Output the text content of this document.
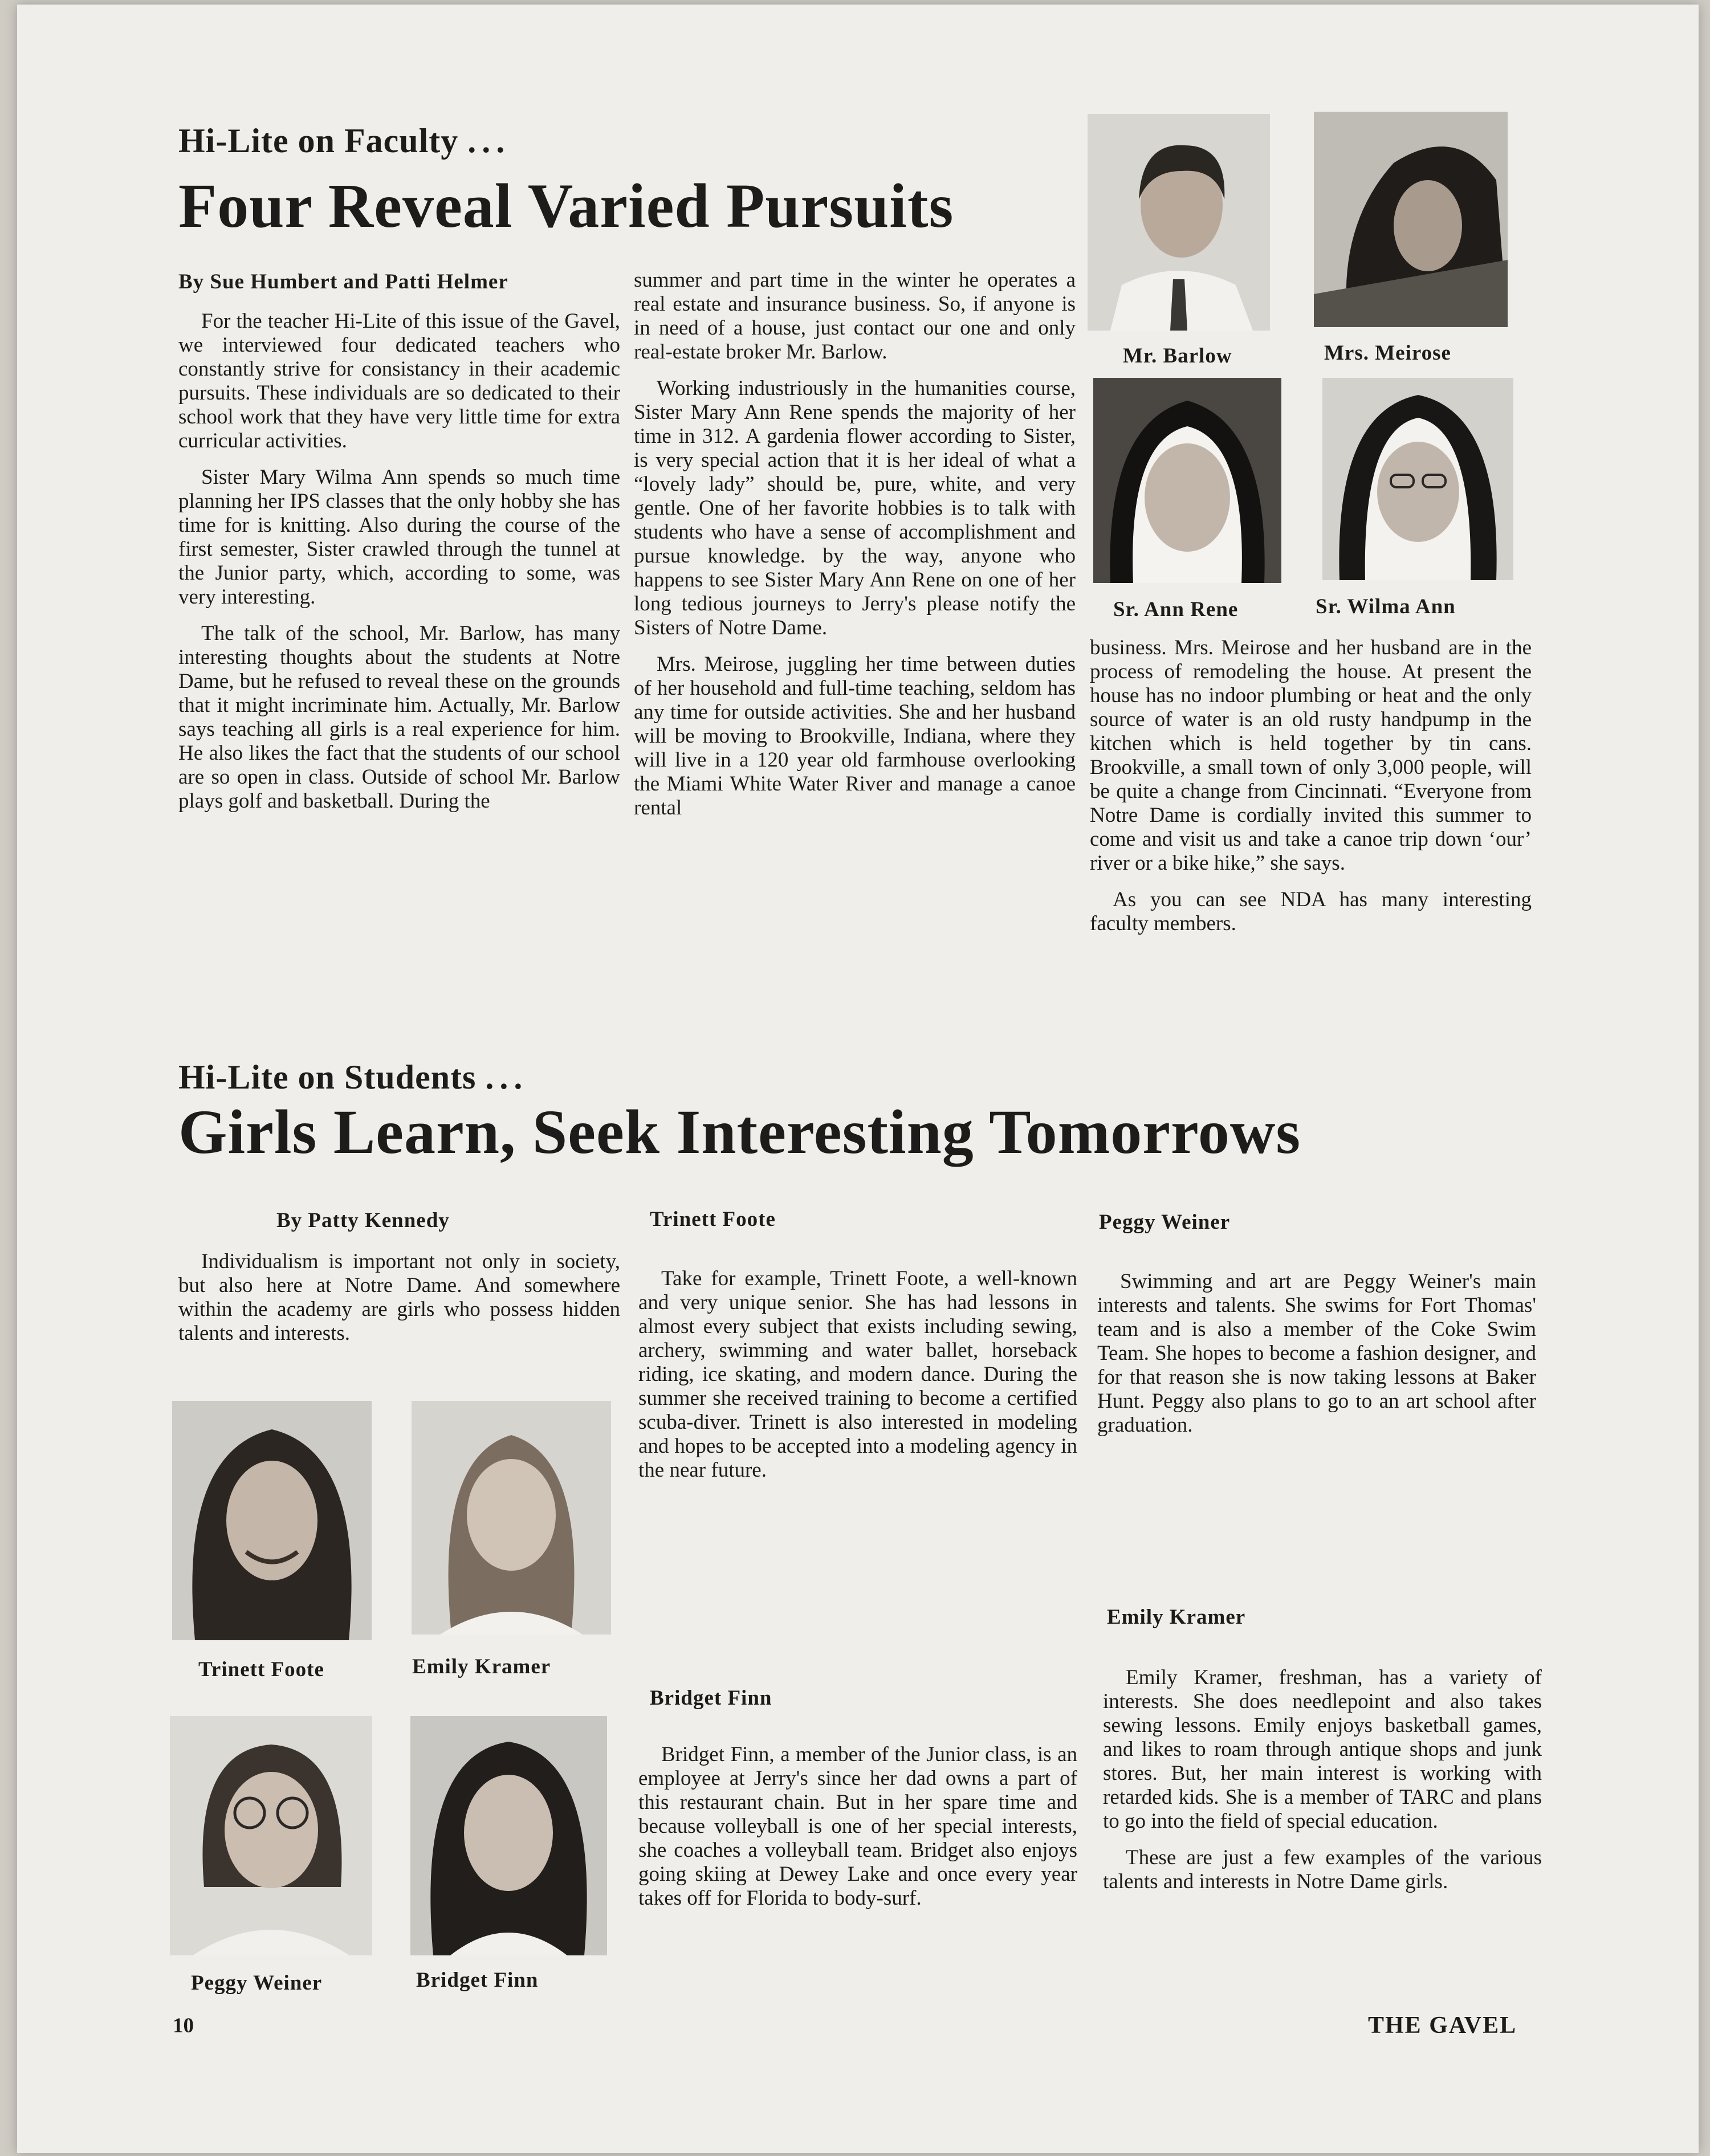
Hi-Lite on Faculty ...
Four Reveal Varied Pursuits
By Sue Humbert and Patti Helmer

For the teacher Hi-Lite of this issue of the Gavel, we interviewed four dedicated teachers who constantly strive for consistancy in their academic pursuits. These individuals are so dedicated to their school work that they have very little time for extra curricular activities.

Sister Mary Wilma Ann spends so much time planning her IPS classes that the only hobby she has time for is knitting. Also during the course of the first semester, Sister crawled through the tunnel at the Junior party, which, according to some, was very interesting.

The talk of the school, Mr. Barlow, has many interesting thoughts about the students at Notre Dame, but he refused to reveal these on the grounds that it might incriminate him. Actually, Mr. Barlow says teaching all girls is a real experience for him. He also likes the fact that the students of our school are so open in class. Outside of school Mr. Barlow plays golf and basketball. During the

summer and part time in the winter he operates a real estate and insurance business. So, if anyone is in need of a house, just contact our one and only real-estate broker Mr. Barlow.

Working industriously in the humanities course, Sister Mary Ann Rene spends the majority of her time in 312. A gardenia flower according to Sister, is very special action that it is her ideal of what a “lovely lady” should be, pure, white, and very gentle. One of her favorite hobbies is to talk with students who have a sense of accomplishment and pursue knowledge. by the way, anyone who happens to see Sister Mary Ann Rene on one of her long tedious journeys to Jerry's please notify the Sisters of Notre Dame.

Mrs. Meirose, juggling her time between duties of her household and full-time teaching, seldom has any time for outside activities. She and her husband will be moving to Brookville, Indiana, where they will live in a 120 year old farmhouse overlooking the Miami White Water River and manage a canoe rental

Mr. Barlow	Mrs. Meirose
Sr. Ann Rene	Sr. Wilma Ann

business. Mrs. Meirose and her husband are in the process of remodeling the house. At present the house has no indoor plumbing or heat and the only source of water is an old rusty handpump in the kitchen which is held together by tin cans. Brookville, a small town of only 3,000 people, will be quite a change from Cincinnati. “Everyone from Notre Dame is cordially invited this summer to come and visit us and take a canoe trip down ‘our’ river or a bike hike,” she says.

As you can see NDA has many interesting faculty members.

Hi-Lite on Students ...
Girls Learn, Seek Interesting Tomorrows
By Patty Kennedy

Individualism is important not only in society, but also here at Notre Dame. And somewhere within the academy are girls who possess hidden talents and interests.

Trinett Foote	Emily Kramer
Peggy Weiner	Bridget Finn
Trinett Foote

Take for example, Trinett Foote, a well-known and very unique senior. She has had lessons in almost every subject that exists including sewing, archery, swimming and water ballet, horseback riding, ice skating, and modern dance. During the summer she received training to become a certified scuba-diver. Trinett is also interested in modeling and hopes to be accepted into a modeling agency in the near future.

Bridget Finn

Bridget Finn, a member of the Junior class, is an employee at Jerry's since her dad owns a part of this restaurant chain. But in her spare time and because volleyball is one of her special interests, she coaches a volleyball team. Bridget also enjoys going skiing at Dewey Lake and once every year takes off for Florida to body-surf.

Peggy Weiner

Swimming and art are Peggy Weiner's main interests and talents. She swims for Fort Thomas' team and is also a member of the Coke Swim Team. She hopes to become a fashion designer, and for that reason she is now taking lessons at Baker Hunt. Peggy also plans to go to an art school after graduation.

Emily Kramer

Emily Kramer, freshman, has a variety of interests. She does needlepoint and also takes sewing lessons. Emily enjoys basketball games, and likes to roam through antique shops and junk stores. But, her main interest is working with retarded kids. She is a member of TARC and plans to go into the field of special education.

These are just a few examples of the various talents and interests in Notre Dame girls.

10	THE GAVEL
